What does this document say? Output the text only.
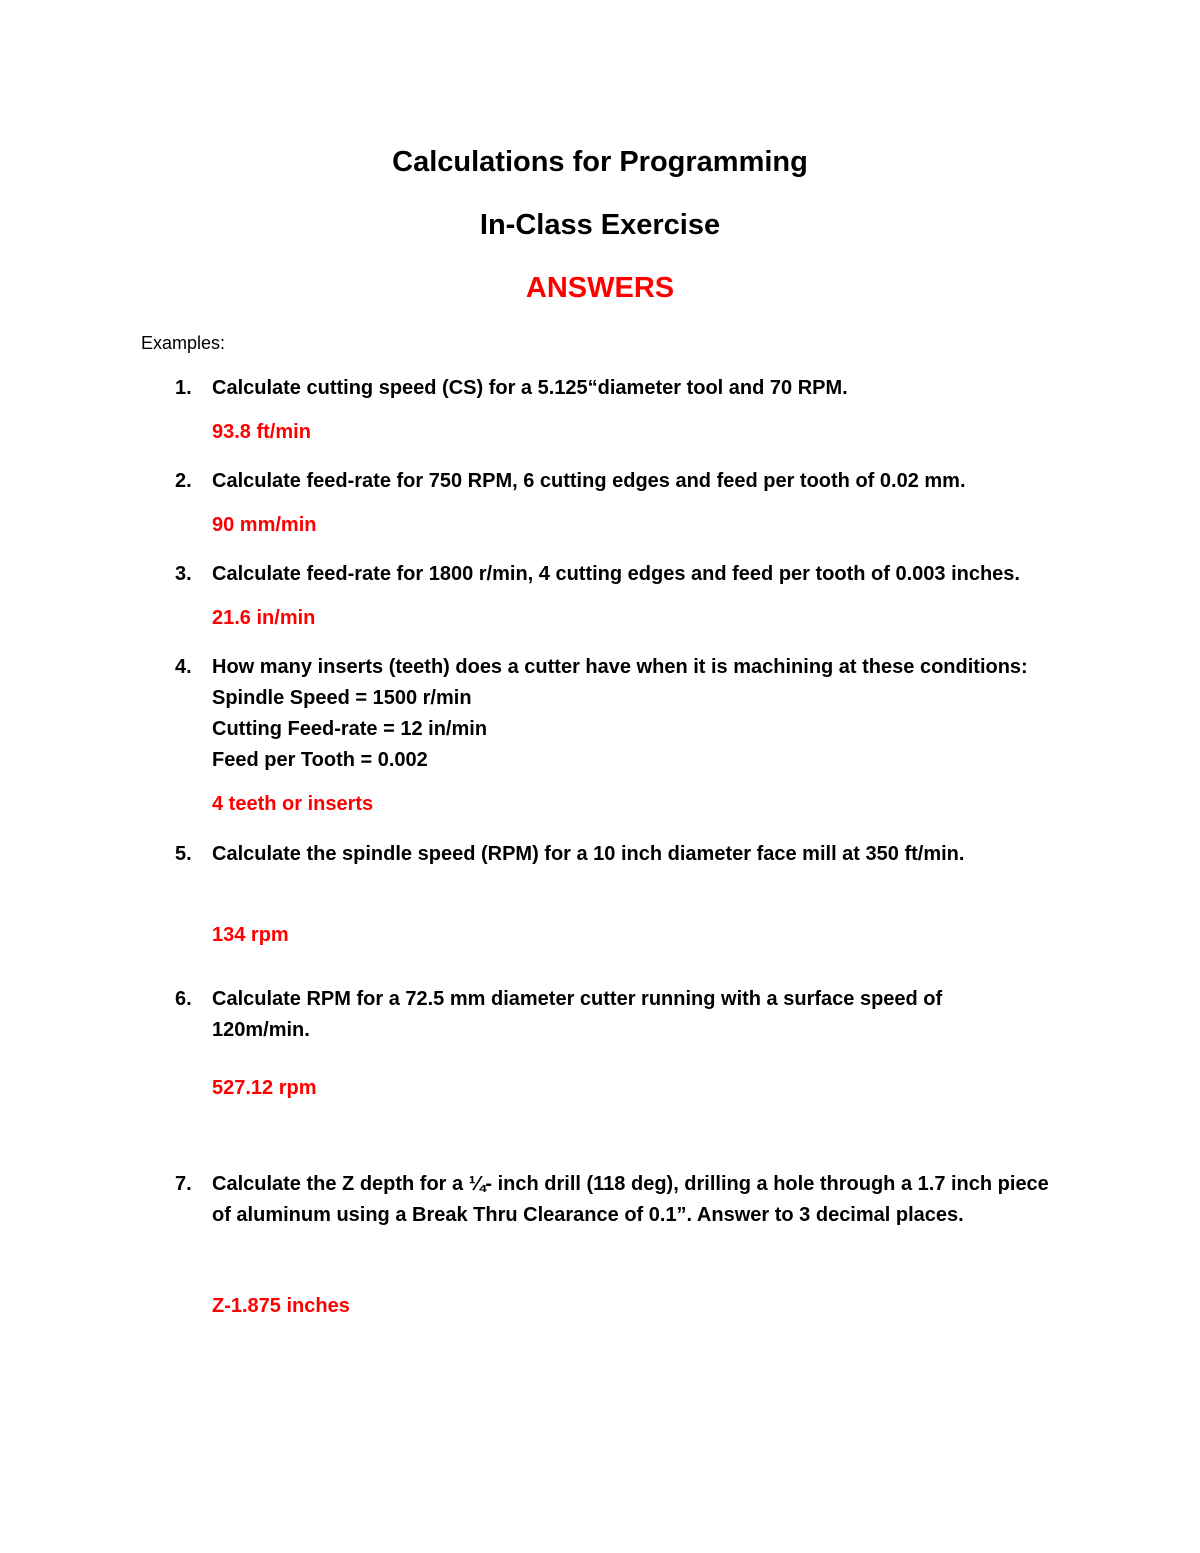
Calculations for Programming
In-Class Exercise
ANSWERS

Examples:

1. Calculate cutting speed (CS) for a 5.125“diameter tool and 70 RPM.
93.8 ft/min
2. Calculate feed-rate for 750 RPM, 6 cutting edges and feed per tooth of 0.02 mm.
90 mm/min
3. Calculate feed-rate for 1800 r/min, 4 cutting edges and feed per tooth of 0.003 inches.
21.6 in/min
4. How many inserts (teeth) does a cutter have when it is machining at these conditions:
Spindle Speed = 1500 r/min
Cutting Feed-rate = 12 in/min
Feed per Tooth = 0.002
4 teeth or inserts
5. Calculate the spindle speed (RPM) for a 10 inch diameter face mill at 350 ft/min.
134 rpm
6. Calculate RPM for a 72.5 mm diameter cutter running with a surface speed of
120m/min.
527.12 rpm
7. Calculate the Z depth for a ¼- inch drill (118 deg), drilling a hole through a 1.7 inch piece
of aluminum using a Break Thru Clearance of 0.1”. Answer to 3 decimal places.
Z-1.875 inches
